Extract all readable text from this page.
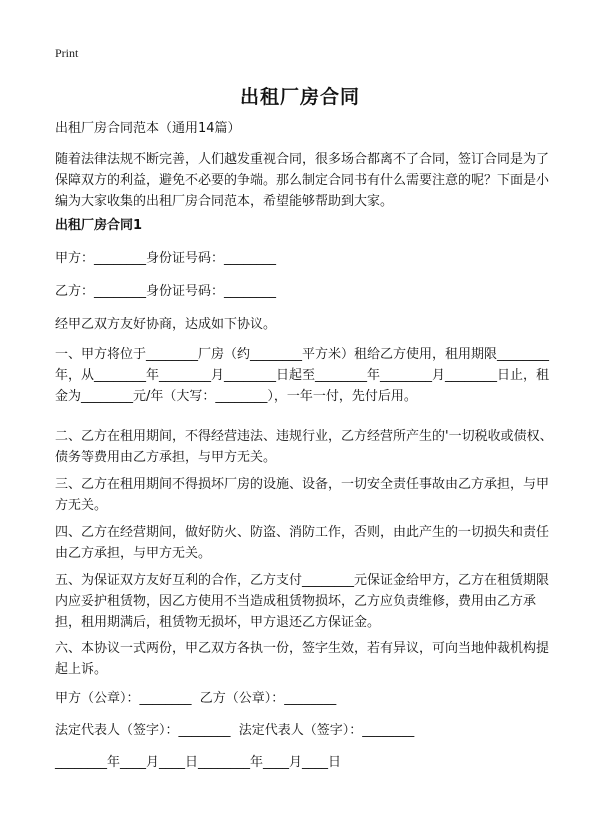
Print
出租厂房合同
出租厂房合同范本（通用14篇）
随着法律法规不断完善，人们越发重视合同，很多场合都离不了合同，签订合同是为了保障双方的利益，避免不必要的争端。那么制定合同书有什么需要注意的呢？下面是小编为大家收集的出租厂房合同范本，希望能够帮助到大家。
出租厂房合同1
甲方：________身份证号码：________
乙方：________身份证号码：________
经甲乙双方友好协商，达成如下协议。
一、甲方将位于________厂房（约________平方米）租给乙方使用，租用期限________年，从________年________月________日起至________年________月________日止，租金为________元/年（大写：________），一年一付，先付后用。
二、乙方在租用期间，不得经营违法、违规行业，乙方经营所产生的'一切税收或债权、债务等费用由乙方承担，与甲方无关。
三、乙方在租用期间不得损坏厂房的设施、设备，一切安全责任事故由乙方承担，与甲方无关。
四、乙方在经营期间，做好防火、防盗、消防工作，否则，由此产生的一切损失和责任由乙方承担，与甲方无关。
五、为保证双方友好互利的合作，乙方支付________元保证金给甲方，乙方在租赁期限内应妥护租赁物，因乙方使用不当造成租赁物损坏，乙方应负责维修，费用由乙方承担，租用期满后，租赁物无损坏，甲方退还乙方保证金。
六、本协议一式两份，甲乙双方各执一份，签字生效，若有异议，可向当地仲裁机构提起上诉。
甲方（公章）：________  乙方（公章）：________
法定代表人（签字）：________  法定代表人（签字）：________
________年____月____日________年____月____日
